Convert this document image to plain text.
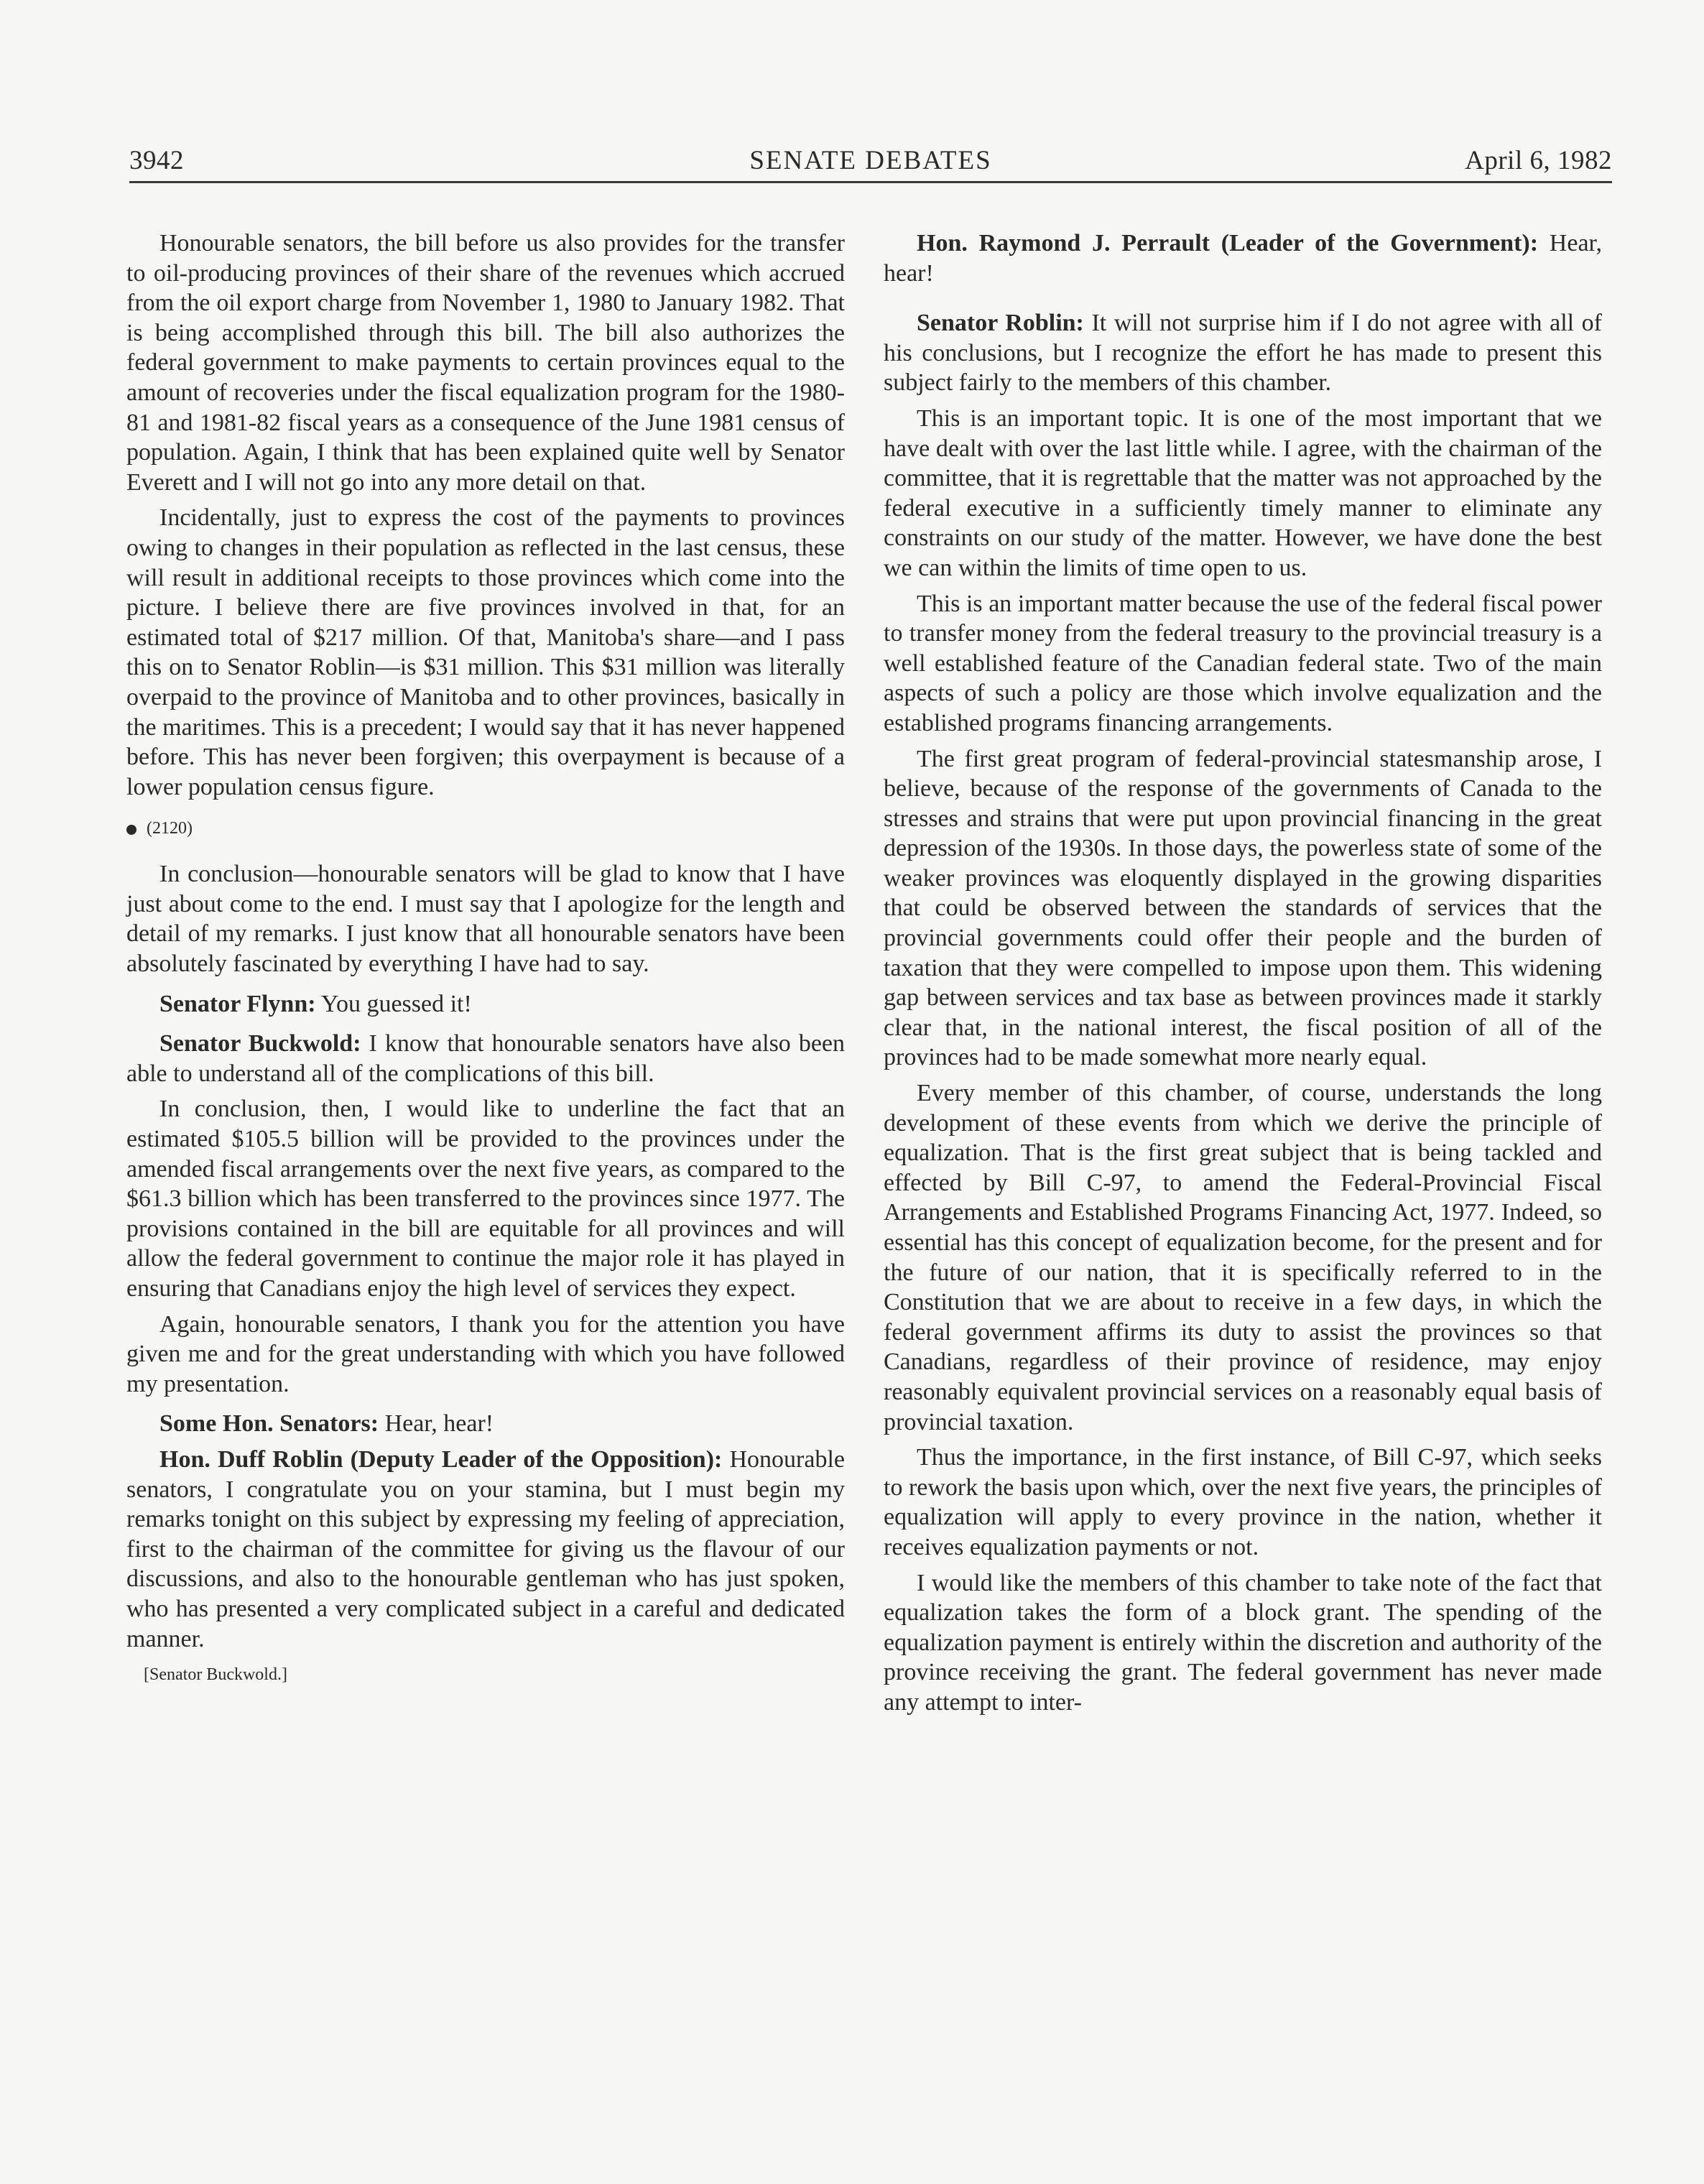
3942	SENATE DEBATES	April 6, 1982

Honourable senators, the bill before us also provides for the transfer to oil-producing provinces of their share of the revenues which accrued from the oil export charge from November 1, 1980 to January 1982. That is being accomplished through this bill. The bill also authorizes the federal government to make payments to certain provinces equal to the amount of recoveries under the fiscal equalization program for the 1980-81 and 1981-82 fiscal years as a consequence of the June 1981 census of population. Again, I think that has been explained quite well by Senator Everett and I will not go into any more detail on that.

Incidentally, just to express the cost of the payments to provinces owing to changes in their population as reflected in the last census, these will result in additional receipts to those provinces which come into the picture. I believe there are five provinces involved in that, for an estimated total of $217 million. Of that, Manitoba's share—and I pass this on to Senator Roblin—is $31 million. This $31 million was literally overpaid to the province of Manitoba and to other provinces, basically in the maritimes. This is a precedent; I would say that it has never happened before. This has never been forgiven; this overpayment is because of a lower population census figure.

(2120)

In conclusion—honourable senators will be glad to know that I have just about come to the end. I must say that I apologize for the length and detail of my remarks. I just know that all honourable senators have been absolutely fascinated by everything I have had to say.

Senator Flynn: You guessed it!

Senator Buckwold: I know that honourable senators have also been able to understand all of the complications of this bill.

In conclusion, then, I would like to underline the fact that an estimated $105.5 billion will be provided to the provinces under the amended fiscal arrangements over the next five years, as compared to the $61.3 billion which has been transferred to the provinces since 1977. The provisions contained in the bill are equitable for all provinces and will allow the federal government to continue the major role it has played in ensuring that Canadians enjoy the high level of services they expect.

Again, honourable senators, I thank you for the attention you have given me and for the great understanding with which you have followed my presentation.

Some Hon. Senators: Hear, hear!

Hon. Duff Roblin (Deputy Leader of the Opposition): Honourable senators, I congratulate you on your stamina, but I must begin my remarks tonight on this subject by expressing my feeling of appreciation, first to the chairman of the committee for giving us the flavour of our discussions, and also to the honourable gentleman who has just spoken, who has presented a very complicated subject in a careful and dedicated manner.

[Senator Buckwold.]

Hon. Raymond J. Perrault (Leader of the Government): Hear, hear!

Senator Roblin: It will not surprise him if I do not agree with all of his conclusions, but I recognize the effort he has made to present this subject fairly to the members of this chamber.

This is an important topic. It is one of the most important that we have dealt with over the last little while. I agree, with the chairman of the committee, that it is regrettable that the matter was not approached by the federal executive in a sufficiently timely manner to eliminate any constraints on our study of the matter. However, we have done the best we can within the limits of time open to us.

This is an important matter because the use of the federal fiscal power to transfer money from the federal treasury to the provincial treasury is a well established feature of the Canadian federal state. Two of the main aspects of such a policy are those which involve equalization and the established programs financing arrangements.

The first great program of federal-provincial statesmanship arose, I believe, because of the response of the governments of Canada to the stresses and strains that were put upon provincial financing in the great depression of the 1930s. In those days, the powerless state of some of the weaker provinces was eloquently displayed in the growing disparities that could be observed between the standards of services that the provincial governments could offer their people and the burden of taxation that they were compelled to impose upon them. This widening gap between services and tax base as between provinces made it starkly clear that, in the national interest, the fiscal position of all of the provinces had to be made somewhat more nearly equal.

Every member of this chamber, of course, understands the long development of these events from which we derive the principle of equalization. That is the first great subject that is being tackled and effected by Bill C-97, to amend the Federal-Provincial Fiscal Arrangements and Established Programs Financing Act, 1977. Indeed, so essential has this concept of equalization become, for the present and for the future of our nation, that it is specifically referred to in the Constitution that we are about to receive in a few days, in which the federal government affirms its duty to assist the provinces so that Canadians, regardless of their province of residence, may enjoy reasonably equivalent provincial services on a reasonably equal basis of provincial taxation.

Thus the importance, in the first instance, of Bill C-97, which seeks to rework the basis upon which, over the next five years, the principles of equalization will apply to every province in the nation, whether it receives equalization payments or not.

I would like the members of this chamber to take note of the fact that equalization takes the form of a block grant. The spending of the equalization payment is entirely within the discretion and authority of the province receiving the grant. The federal government has never made any attempt to inter-
